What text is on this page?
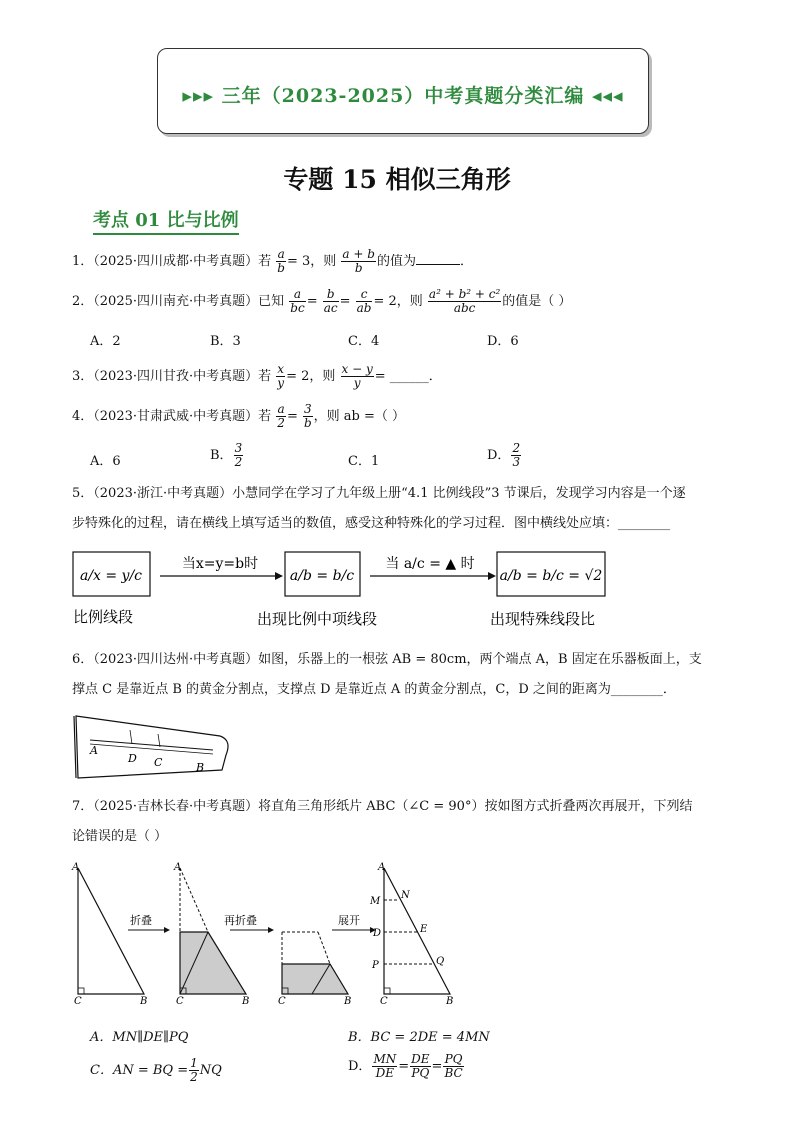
▸▸▸ 三年（2023-2025）中考真题分类汇编 ◂◂◂
专题 15 相似三角形
考点 01 比与比例
1．（2025·四川成都·中考真题）若 $\frac{a}{b} = 3$，则 $\frac{a + b}{b}$ 的值为	．
2．（2025·四川南充·中考真题）已知 $\frac{a}{bc} = \frac{b}{ac} = \frac{c}{ab} = 2$，则 $\frac{\text{a² + b² + c²}}{\text{abc}}$ 的值是（ ）
A．2	B．3	C．4	D．6
3．（2023·四川甘孜·中考真题）若 $\frac{x}{y} = 2$，则 $\frac{x - y}{y}$ = ______．
4．（2023·甘肃武威·中考真题）若 $\frac{a}{2} = \frac{3}{b}$ ，则 ab =（ ）
A．6	B． $\frac{3}{2}$	C．1	D． $\frac{2}{3}$
5．（2023·浙江·中考真题）小慧同学在学习了九年级上册“4.1 比例线段”3 节课后，发现学习内容是一个逐
步特殊化的过程，请在横线上填写适当的数值，感受这种特殊化的学习过程．图中横线处应填：________
a/x = y/c
当x=y=b时
a/b = b/c
当 a/c = ▲ 时
a/b = b/c = √2
比例线段	出现比例中项线段	出现特殊线段比
6．（2023·四川达州·中考真题）如图，乐器上的一根弦 AB = 80cm，两个端点 A，B 固定在乐器板面上，支
撑点 C 是靠近点 B 的黄金分割点，支撑点 D 是靠近点 A 的黄金分割点，C，D 之间的距离为________．
A
D C	B
7．（2025·吉林长春·中考真题）将直角三角形纸片 ABC（∠C = 90°）按如图方式折叠两次再展开，下列结
论错误的是（ ）
A
C	B
折叠
A
C	B
再折叠
C	B
展开
A
M
N
D	E
P	Q
C	B
A．MN∥DE∥PQ	B．BC = 2DE = 4MN
C．AN = BQ = $\frac{1}{2}$ NQ	D． $\frac{MN}{DE} = \frac{DE}{PQ} = \frac{PQ}{BC}$
